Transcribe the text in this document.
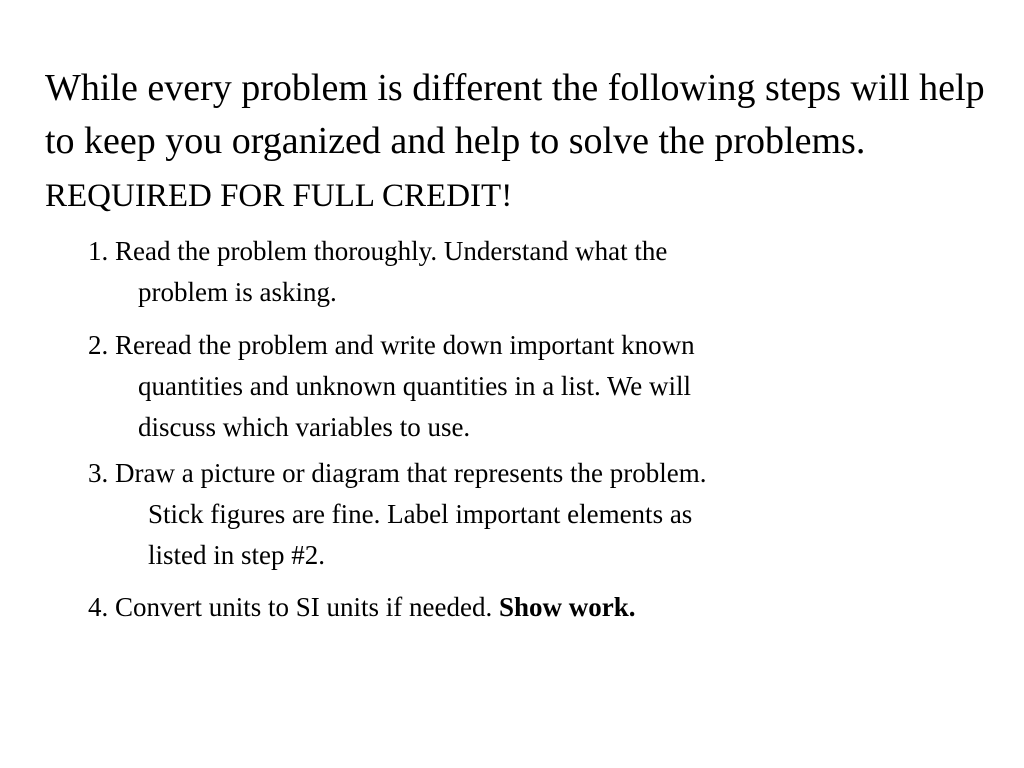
While every problem is different the following steps will help to keep you organized and help to solve the problems. REQUIRED FOR FULL CREDIT!
1. Read the problem thoroughly. Understand what the
problem is asking.
2. Reread the problem and write down important known
quantities and unknown quantities in a list. We will
discuss which variables to use.
3. Draw a picture or diagram that represents the problem.
Stick figures are fine. Label important elements as
listed in step #2.
4. Convert units to SI units if needed. Show work.
